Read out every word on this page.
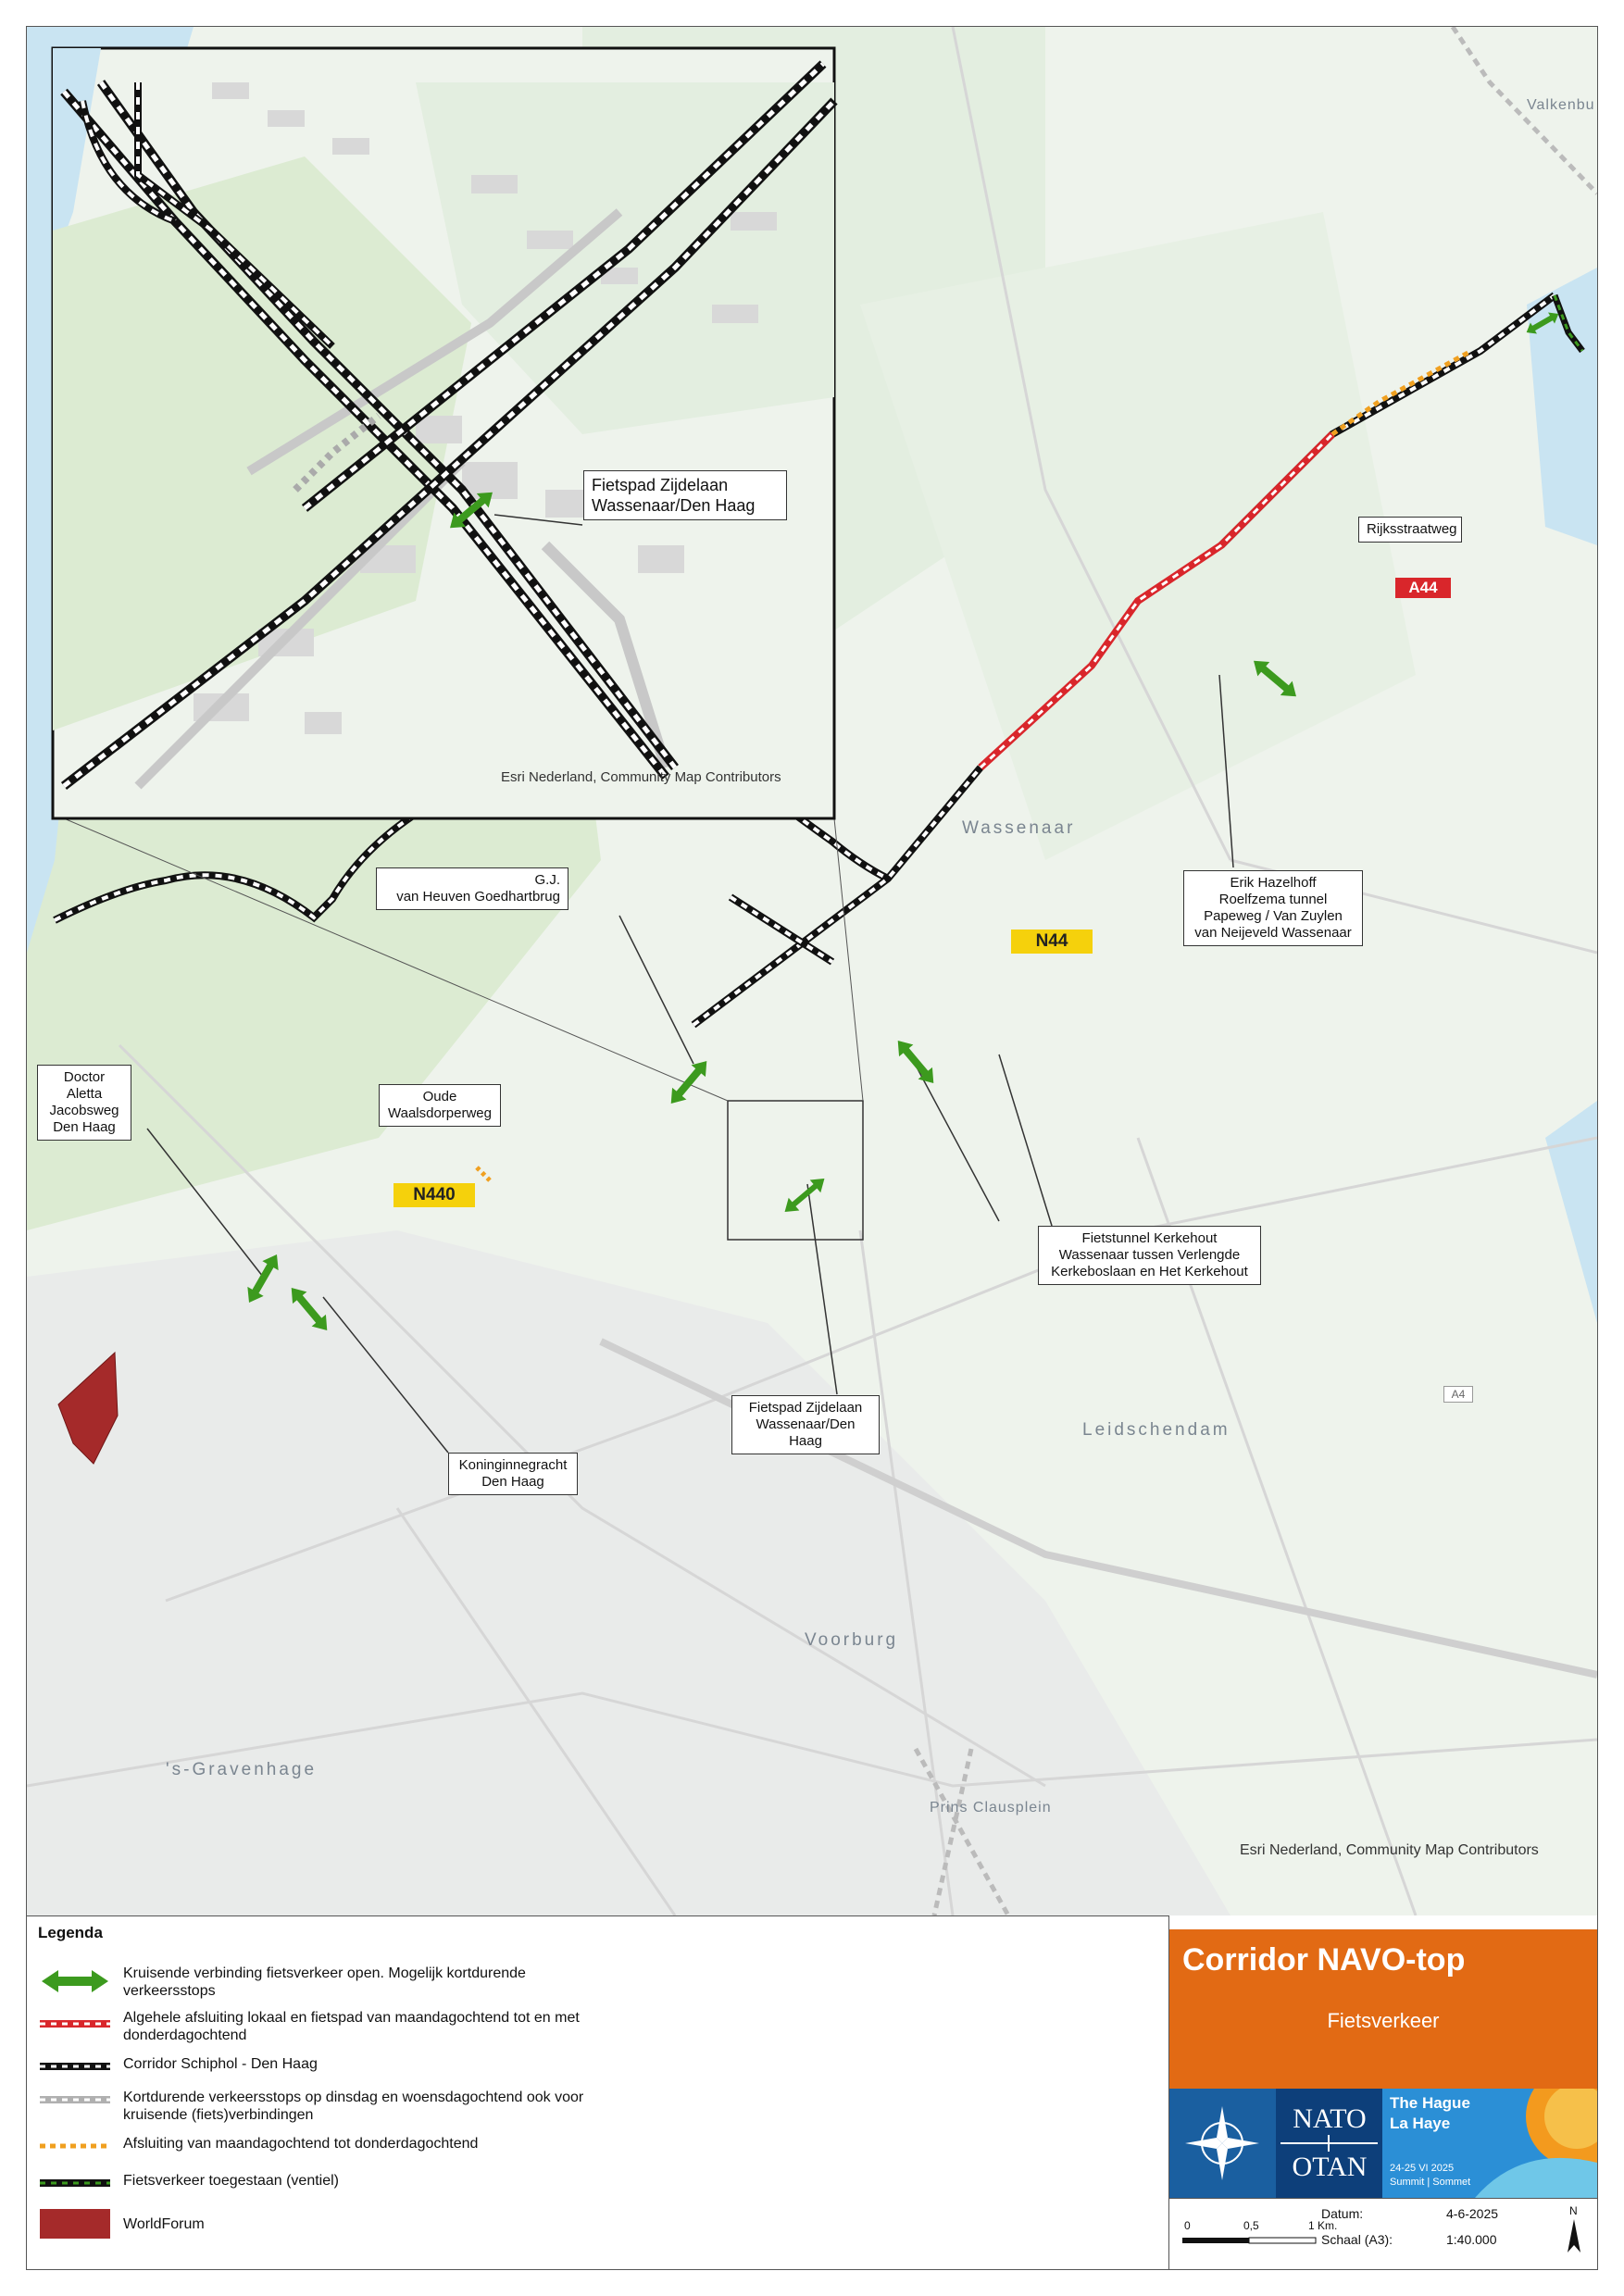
Fietspad Zijdelaan
Wassenaar/Den Haag
Esri Nederland, Community Map Contributors
Valkenbu
Wassenaar
Leidschendam
Voorburg
's-Gravenhage
Prins Clausplein
N44
N440
A44
A4
Rijksstraatweg
Erik Hazelhoff
Roelfzema tunnel
Papeweg / Van Zuylen
van Neijeveld Wassenaar
G.J.
van Heuven Goedhartbrug
Oude
Waalsdorperweg
Doctor Aletta
Jacobsweg
Den Haag
Fietstunnel Kerkehout
Wassenaar tussen Verlengde
Kerkeboslaan en Het Kerkehout
Fietspad Zijdelaan
Wassenaar/Den Haag
Koninginnegracht
Den Haag
Esri Nederland, Community Map Contributors
Legenda
Kruisende verbinding fietsverkeer open. Mogelijk kortdurende
verkeersstops
Algehele afsluiting lokaal en fietspad van maandagochtend tot en met
donderdagochtend
Corridor Schiphol - Den Haag
Kortdurende verkeersstops op dinsdag en woensdagochtend ook voor
kruisende (fiets)verbindingen
Afsluiting van maandagochtend tot donderdagochtend
Fietsverkeer toegestaan (ventiel)
WorldForum
Corridor NAVO-top
Fietsverkeer
NATO
OTAN
The Hague
La Haye
24-25 VI 2025
Summit | Sommet
Datum:	4-6-2025
Schaal (A3):	1:40.000
0	0,5	1 Km.
N
